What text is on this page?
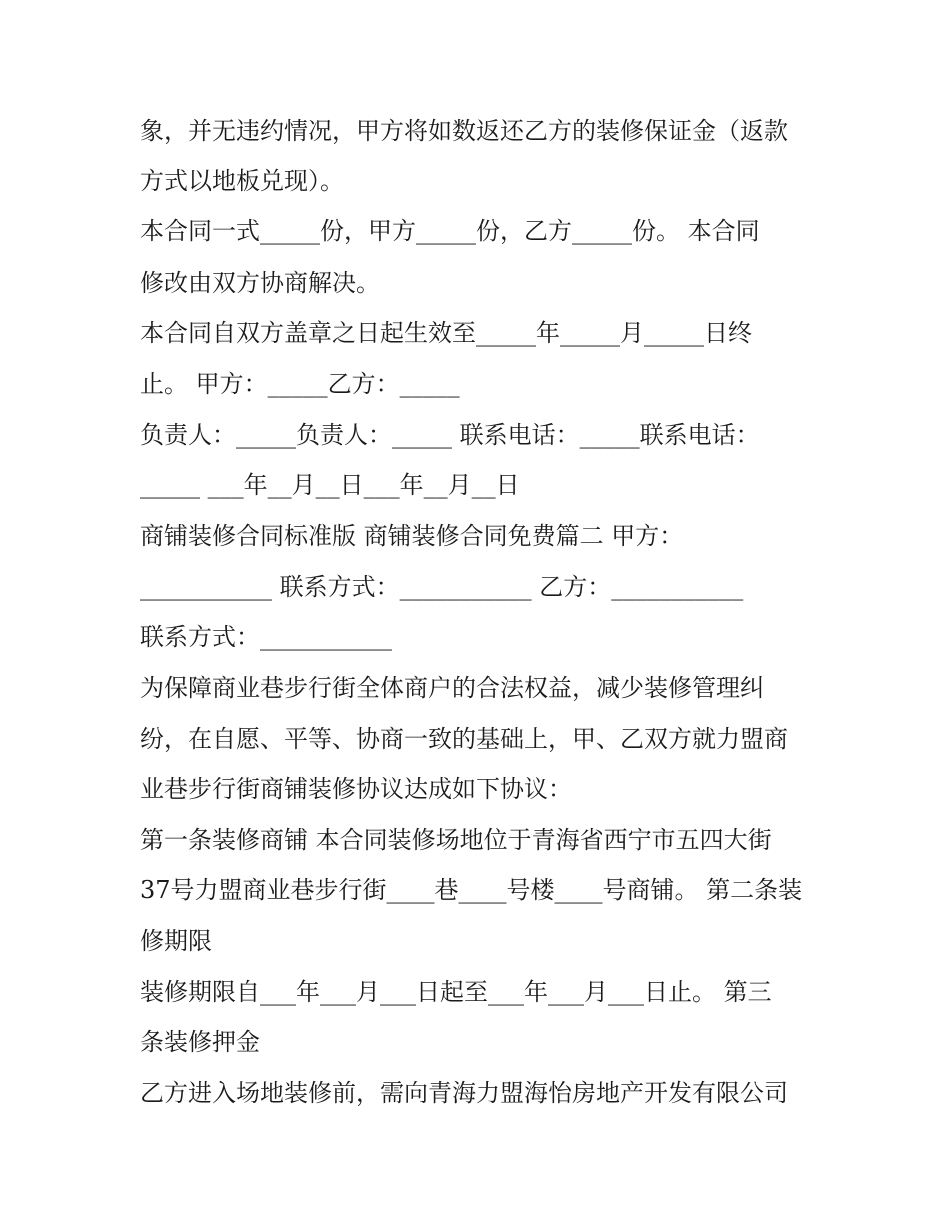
象，并无违约情况，甲方将如数返还乙方的装修保证金（返款

方式以地板兑现）。

本合同一式_____份，甲方_____份，乙方_____份。 本合同

修改由双方协商解决。

本合同自双方盖章之日起生效至_____年_____月_____日终

止。 甲方：_____乙方：_____

负责人：_____负责人：_____ 联系电话：_____联系电话：

_____ ___年__月__日___年__月__日

商铺装修合同标准版 商铺装修合同免费篇二 甲方：

___________ 联系方式：___________ 乙方：___________

联系方式：___________

为保障商业巷步行街全体商户的合法权益，减少装修管理纠

纷，在自愿、平等、协商一致的基础上，甲、乙双方就力盟商

业巷步行街商铺装修协议达成如下协议：

第一条装修商铺 本合同装修场地位于青海省西宁市五四大街

37号力盟商业巷步行街____巷____号楼____号商铺。 第二条装

修期限

装修期限自___年___月___日起至___年___月___日止。 第三

条装修押金

乙方进入场地装修前，需向青海力盟海怡房地产开发有限公司
